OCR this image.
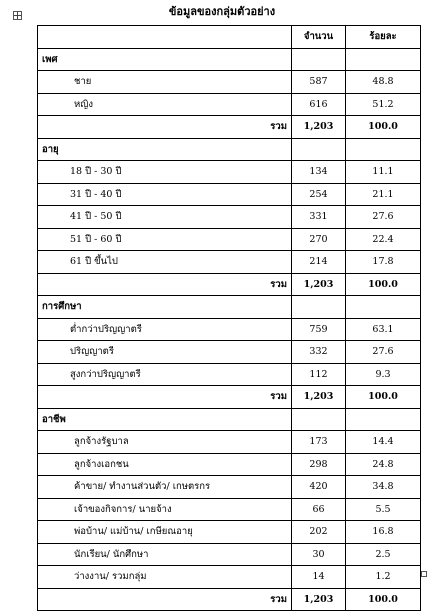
ข้อมูลของกลุ่มตัวอย่าง
	จำนวน	ร้อยละ
เพศ		
ชาย	587	48.8
หญิง	616	51.2
รวม	1,203	100.0
อายุ		
18 ปี - 30 ปี	134	11.1
31 ปี - 40 ปี	254	21.1
41 ปี - 50 ปี	331	27.6
51 ปี - 60 ปี	270	22.4
61 ปี ขึ้นไป	214	17.8
รวม	1,203	100.0
การศึกษา		
ต่ำกว่าปริญญาตรี	759	63.1
ปริญญาตรี	332	27.6
สูงกว่าปริญญาตรี	112	9.3
รวม	1,203	100.0
อาชีพ		
ลูกจ้างรัฐบาล	173	14.4
ลูกจ้างเอกชน	298	24.8
ค้าขาย/ ทำงานส่วนตัว/ เกษตรกร	420	34.8
เจ้าของกิจการ/ นายจ้าง	66	5.5
พ่อบ้าน/ แม่บ้าน/ เกษียณอายุ	202	16.8
นักเรียน/ นักศึกษา	30	2.5
ว่างงาน/ รวมกลุ่ม	14	1.2
รวม	1,203	100.0
